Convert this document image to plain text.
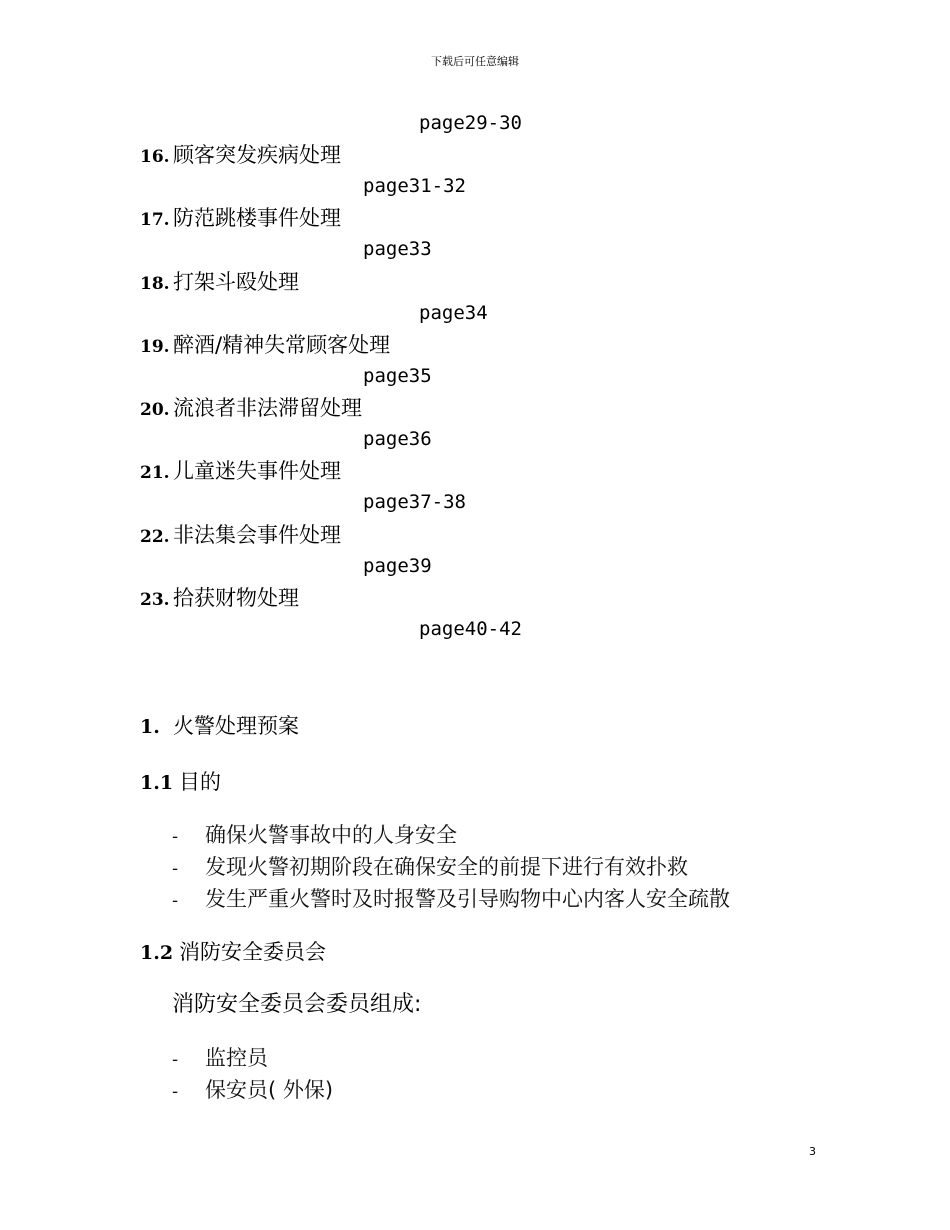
下载后可任意编辑
page29-30
16. 顾客突发疾病处理
page31-32
17. 防范跳楼事件处理
page33
18. 打架斗殴处理
page34
19. 醉酒/精神失常顾客处理
page35
20. 流浪者非法滞留处理
page36
21. 儿童迷失事件处理
page37-38
22. 非法集会事件处理
page39
23. 拾获财物处理
page40-42
1. 火警处理预案
1.1 目的
- 确保火警事故中的人身安全
- 发现火警初期阶段在确保安全的前提下进行有效扑救
- 发生严重火警时及时报警及引导购物中心内客人安全疏散
1.2 消防安全委员会
消防安全委员会委员组成:
- 监控员
- 保安员( 外保)
3
